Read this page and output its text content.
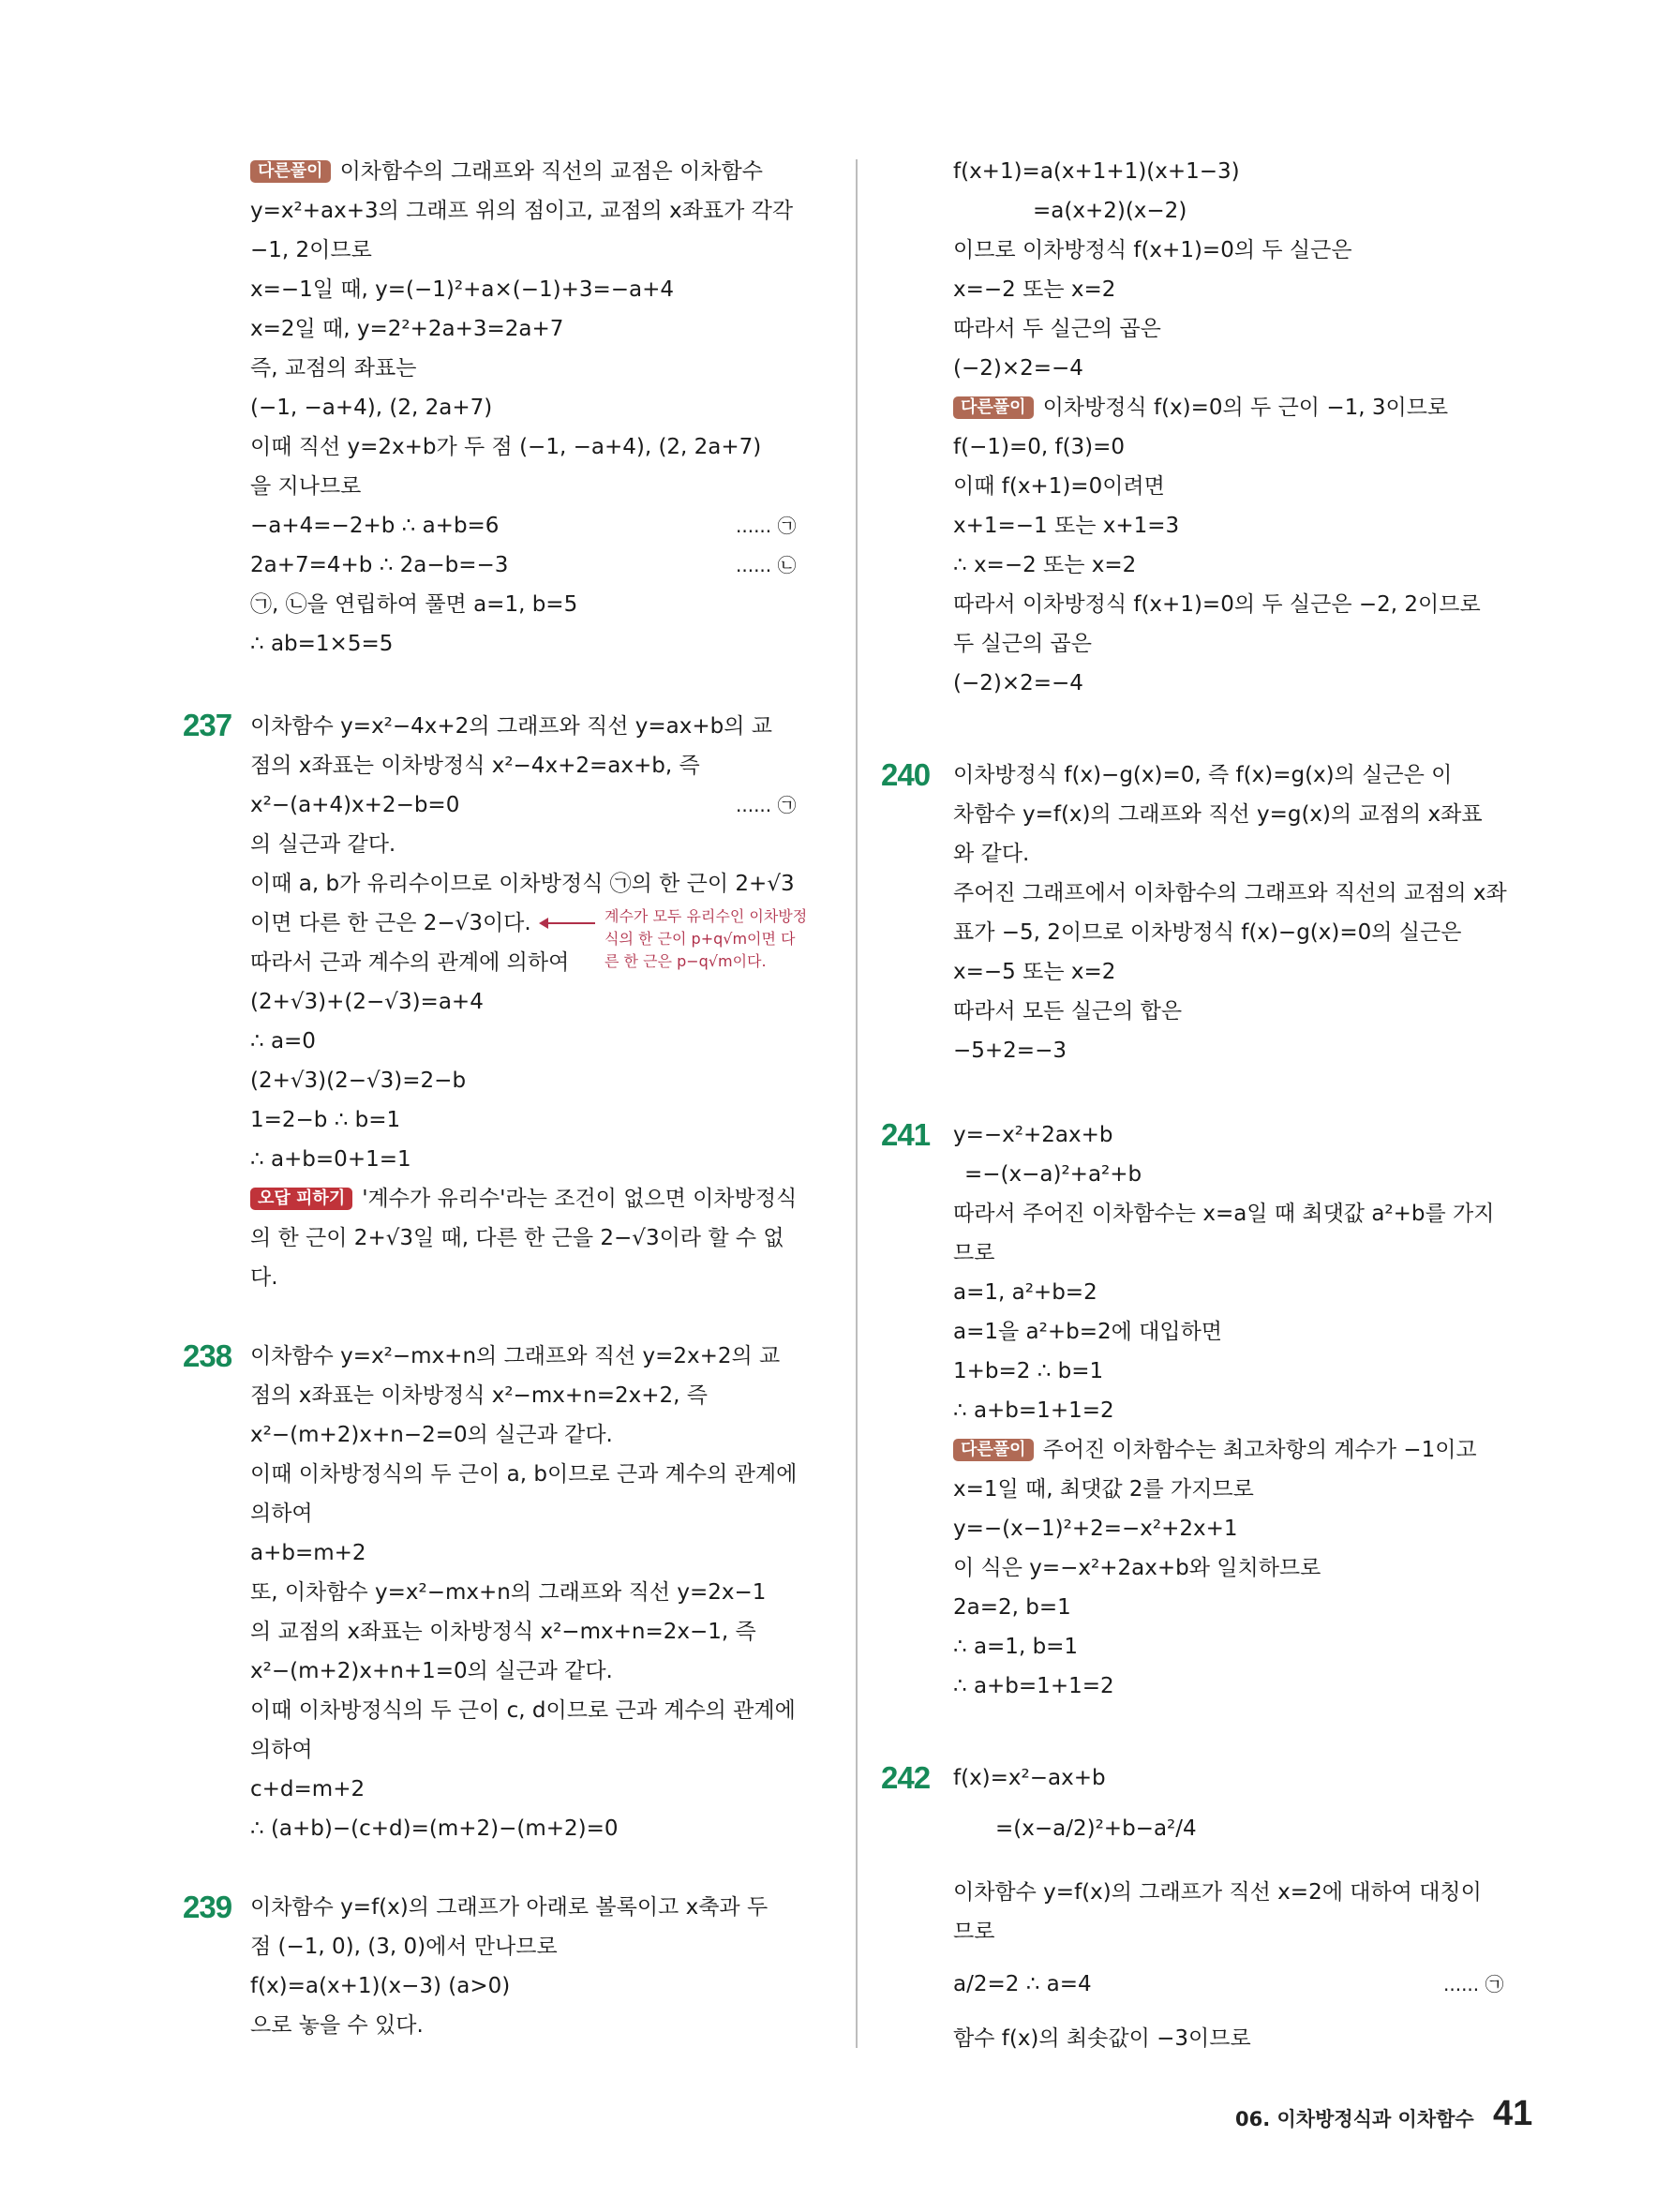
다른풀이 이차함수의 그래프와 직선의 교점은 이차함수
y=x²+ax+3의 그래프 위의 점이고, 교점의 x좌표가 각각
−1, 2이므로
x=−1일 때, y=(−1)²+a×(−1)+3=−a+4
x=2일 때, y=2²+2a+3=2a+7
즉, 교점의 좌표는
(−1, −a+4), (2, 2a+7)
이때 직선 y=2x+b가 두 점 (−1, −a+4), (2, 2a+7)
을 지나므로
−a+4=−2+b ∴ a+b=6	...... ㉠
2a+7=4+b ∴ 2a−b=−3	...... ㉡
㉠, ㉡을 연립하여 풀면 a=1, b=5
∴ ab=1×5=5
237 이차함수 y=x²−4x+2의 그래프와 직선 y=ax+b의 교
점의 x좌표는 이차방정식 x²−4x+2=ax+b, 즉
x²−(a+4)x+2−b=0	...... ㉠
의 실근과 같다.
이때 a, b가 유리수이므로 이차방정식 ㉠의 한 근이 2+√3
이면 다른 한 근은 2−√3이다.	계수가 모두 유리수인 이차방정
식의 한 근이 p+q√m이면 다
른 한 근은 p−q√m이다.
따라서 근과 계수의 관계에 의하여
(2+√3)+(2−√3)=a+4
∴ a=0
(2+√3)(2−√3)=2−b
1=2−b ∴ b=1
∴ a+b=0+1=1
오답 피하기 '계수가 유리수'라는 조건이 없으면 이차방정식
의 한 근이 2+√3일 때, 다른 한 근을 2−√3이라 할 수 없
다.
238 이차함수 y=x²−mx+n의 그래프와 직선 y=2x+2의 교
점의 x좌표는 이차방정식 x²−mx+n=2x+2, 즉
x²−(m+2)x+n−2=0의 실근과 같다.
이때 이차방정식의 두 근이 a, b이므로 근과 계수의 관계에
의하여
a+b=m+2
또, 이차함수 y=x²−mx+n의 그래프와 직선 y=2x−1
의 교점의 x좌표는 이차방정식 x²−mx+n=2x−1, 즉
x²−(m+2)x+n+1=0의 실근과 같다.
이때 이차방정식의 두 근이 c, d이므로 근과 계수의 관계에
의하여
c+d=m+2
∴ (a+b)−(c+d)=(m+2)−(m+2)=0
239 이차함수 y=f(x)의 그래프가 아래로 볼록이고 x축과 두
점 (−1, 0), (3, 0)에서 만나므로
f(x)=a(x+1)(x−3) (a>0)
으로 놓을 수 있다.
f(x+1)=a(x+1+1)(x+1−3)
=a(x+2)(x−2)
이므로 이차방정식 f(x+1)=0의 두 실근은
x=−2 또는 x=2
따라서 두 실근의 곱은
(−2)×2=−4
다른풀이 이차방정식 f(x)=0의 두 근이 −1, 3이므로
f(−1)=0, f(3)=0
이때 f(x+1)=0이려면
x+1=−1 또는 x+1=3
∴ x=−2 또는 x=2
따라서 이차방정식 f(x+1)=0의 두 실근은 −2, 2이므로
두 실근의 곱은
(−2)×2=−4
240 이차방정식 f(x)−g(x)=0, 즉 f(x)=g(x)의 실근은 이
차함수 y=f(x)의 그래프와 직선 y=g(x)의 교점의 x좌표
와 같다.
주어진 그래프에서 이차함수의 그래프와 직선의 교점의 x좌
표가 −5, 2이므로 이차방정식 f(x)−g(x)=0의 실근은
x=−5 또는 x=2
따라서 모든 실근의 합은
−5+2=−3
241 y=−x²+2ax+b
=−(x−a)²+a²+b
따라서 주어진 이차함수는 x=a일 때 최댓값 a²+b를 가지
므로
a=1, a²+b=2
a=1을 a²+b=2에 대입하면
1+b=2 ∴ b=1
∴ a+b=1+1=2
다른풀이 주어진 이차함수는 최고차항의 계수가 −1이고
x=1일 때, 최댓값 2를 가지므로
y=−(x−1)²+2=−x²+2x+1
이 식은 y=−x²+2ax+b와 일치하므로
2a=2, b=1
∴ a=1, b=1
∴ a+b=1+1=2
242 f(x)=x²−ax+b
=(x−a/2)²+b−a²/4
이차함수 y=f(x)의 그래프가 직선 x=2에 대하여 대칭이
므로
a/2=2 ∴ a=4	...... ㉠
함수 f(x)의 최솟값이 −3이므로
06. 이차방정식과 이차함수 41
